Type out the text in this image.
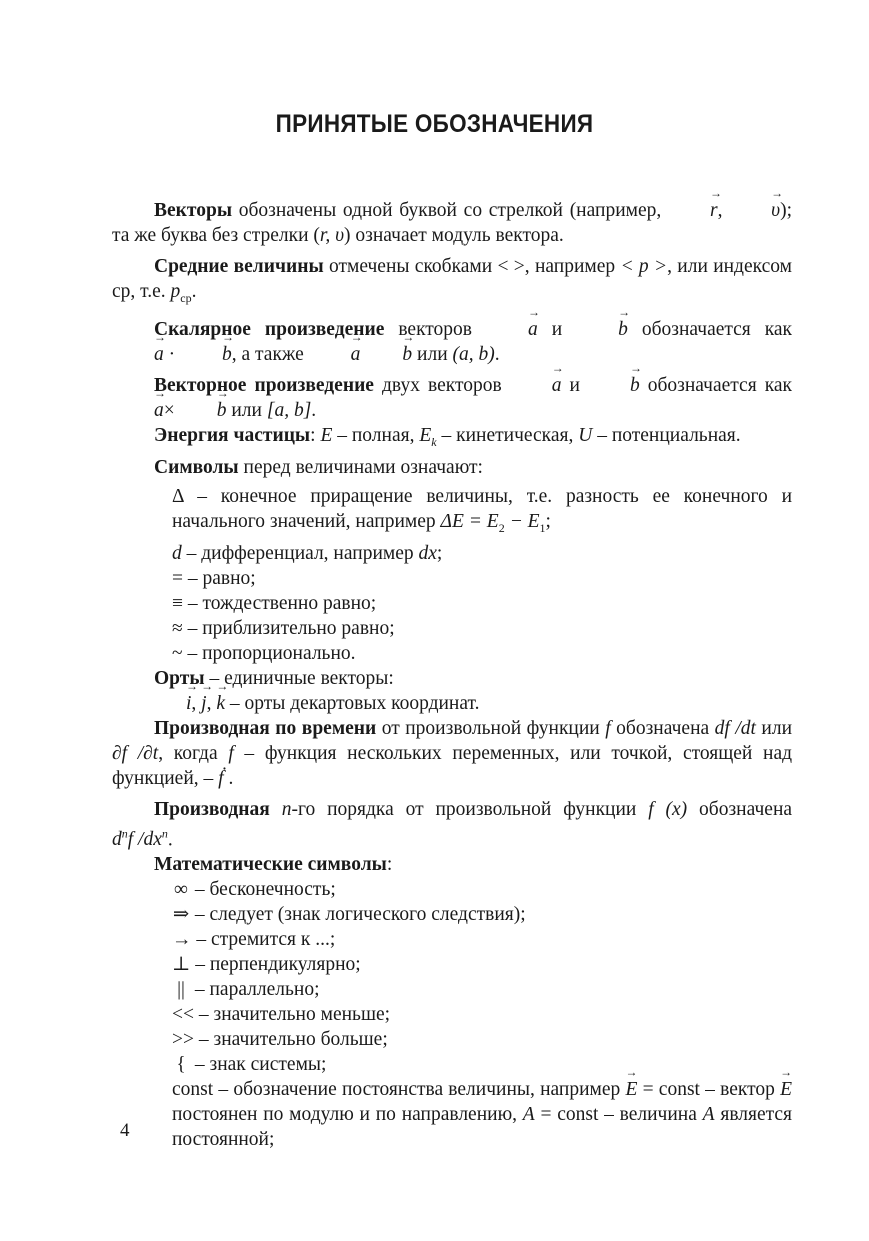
ПРИНЯТЫЕ ОБОЗНАЧЕНИЯ

Векторы обозначены одной буквой со стрелкой (например, → r, → υ); та же буква без стрелки (r, υ) означает модуль вектора.

Средние величины отмечены скобками < >, например < p >, или индексом ср, т.е. $p_{ср}$.

Скалярное произведение векторов	→ a и	→ b обозначается как → a · → b, а также → a → b или (a, b).

Векторное произведение двух векторов	→ a и	→ b обозначается как → a× → b или [a, b].

Энергия частицы: E – полная, $E_k$ – кинетическая, U – потенциальная.

Символы перед величинами означают:

Δ – конечное приращение величины, т.е. разность ее конечного и начального значений, например $\Delta E = E_2 - E_1$;

d – дифференциал, например dx;

= – равно;

≡ – тождественно равно;

≈ – приблизительно равно;

~ – пропорционально.

Орты – единичные векторы:

→ i, → j, → k – орты декартовых координат.

Производная по времени от произвольной функции f обозначена df /dt или ∂f /∂t, когда f – функция нескольких переменных, или точкой, стоящей над функцией, – ḟ .

Производная n-го порядка от произвольной функции f (x) обозначена $d^nf$ $/dx^n$.

Математические символы:

∞ – бесконечность;

⇒ – следует (знак логического следствия);

→ – стремится к ...;

⊥ – перпендикулярно;

|| – параллельно;

<< – значительно меньше;

>> – значительно больше;

{ – знак системы;

const – обозначение постоянства величины, например → E = const – вектор → E постоянен по модулю и по направлению, A = const – величина A является постоянной;

4
